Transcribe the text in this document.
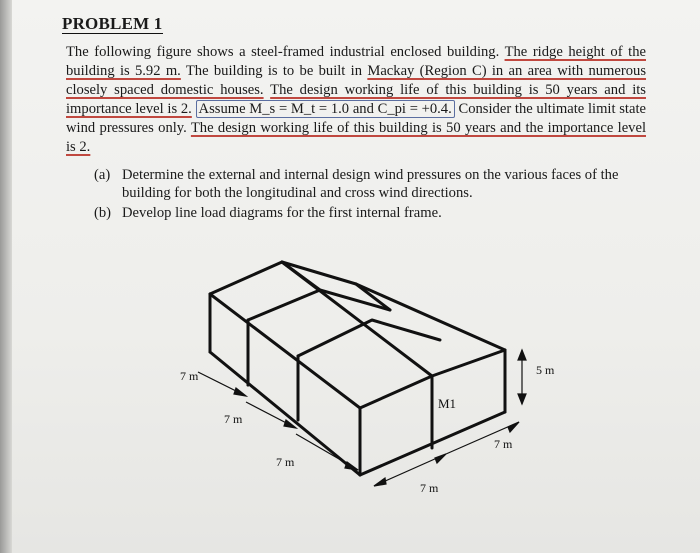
PROBLEM 1

The following figure shows a steel-framed industrial enclosed building. The ridge height of the building is 5.92 m. The building is to be built in Mackay (Region C) in an area with numerous closely spaced domestic houses. The design working life of this building is 50 years and its importance level is 2. Assume M_s = M_t = 1.0 and C_pi = +0.4. Consider the ultimate limit state wind pressures only. The design working life of this building is 50 years and the importance level is 2.

(a) Determine the external and internal design wind pressures on the various faces of the building for both the longitudinal and cross wind directions.
(b) Develop line load diagrams for the first internal frame.
7 m
7 m
7 m
7 m
7 m
5 m
M1
